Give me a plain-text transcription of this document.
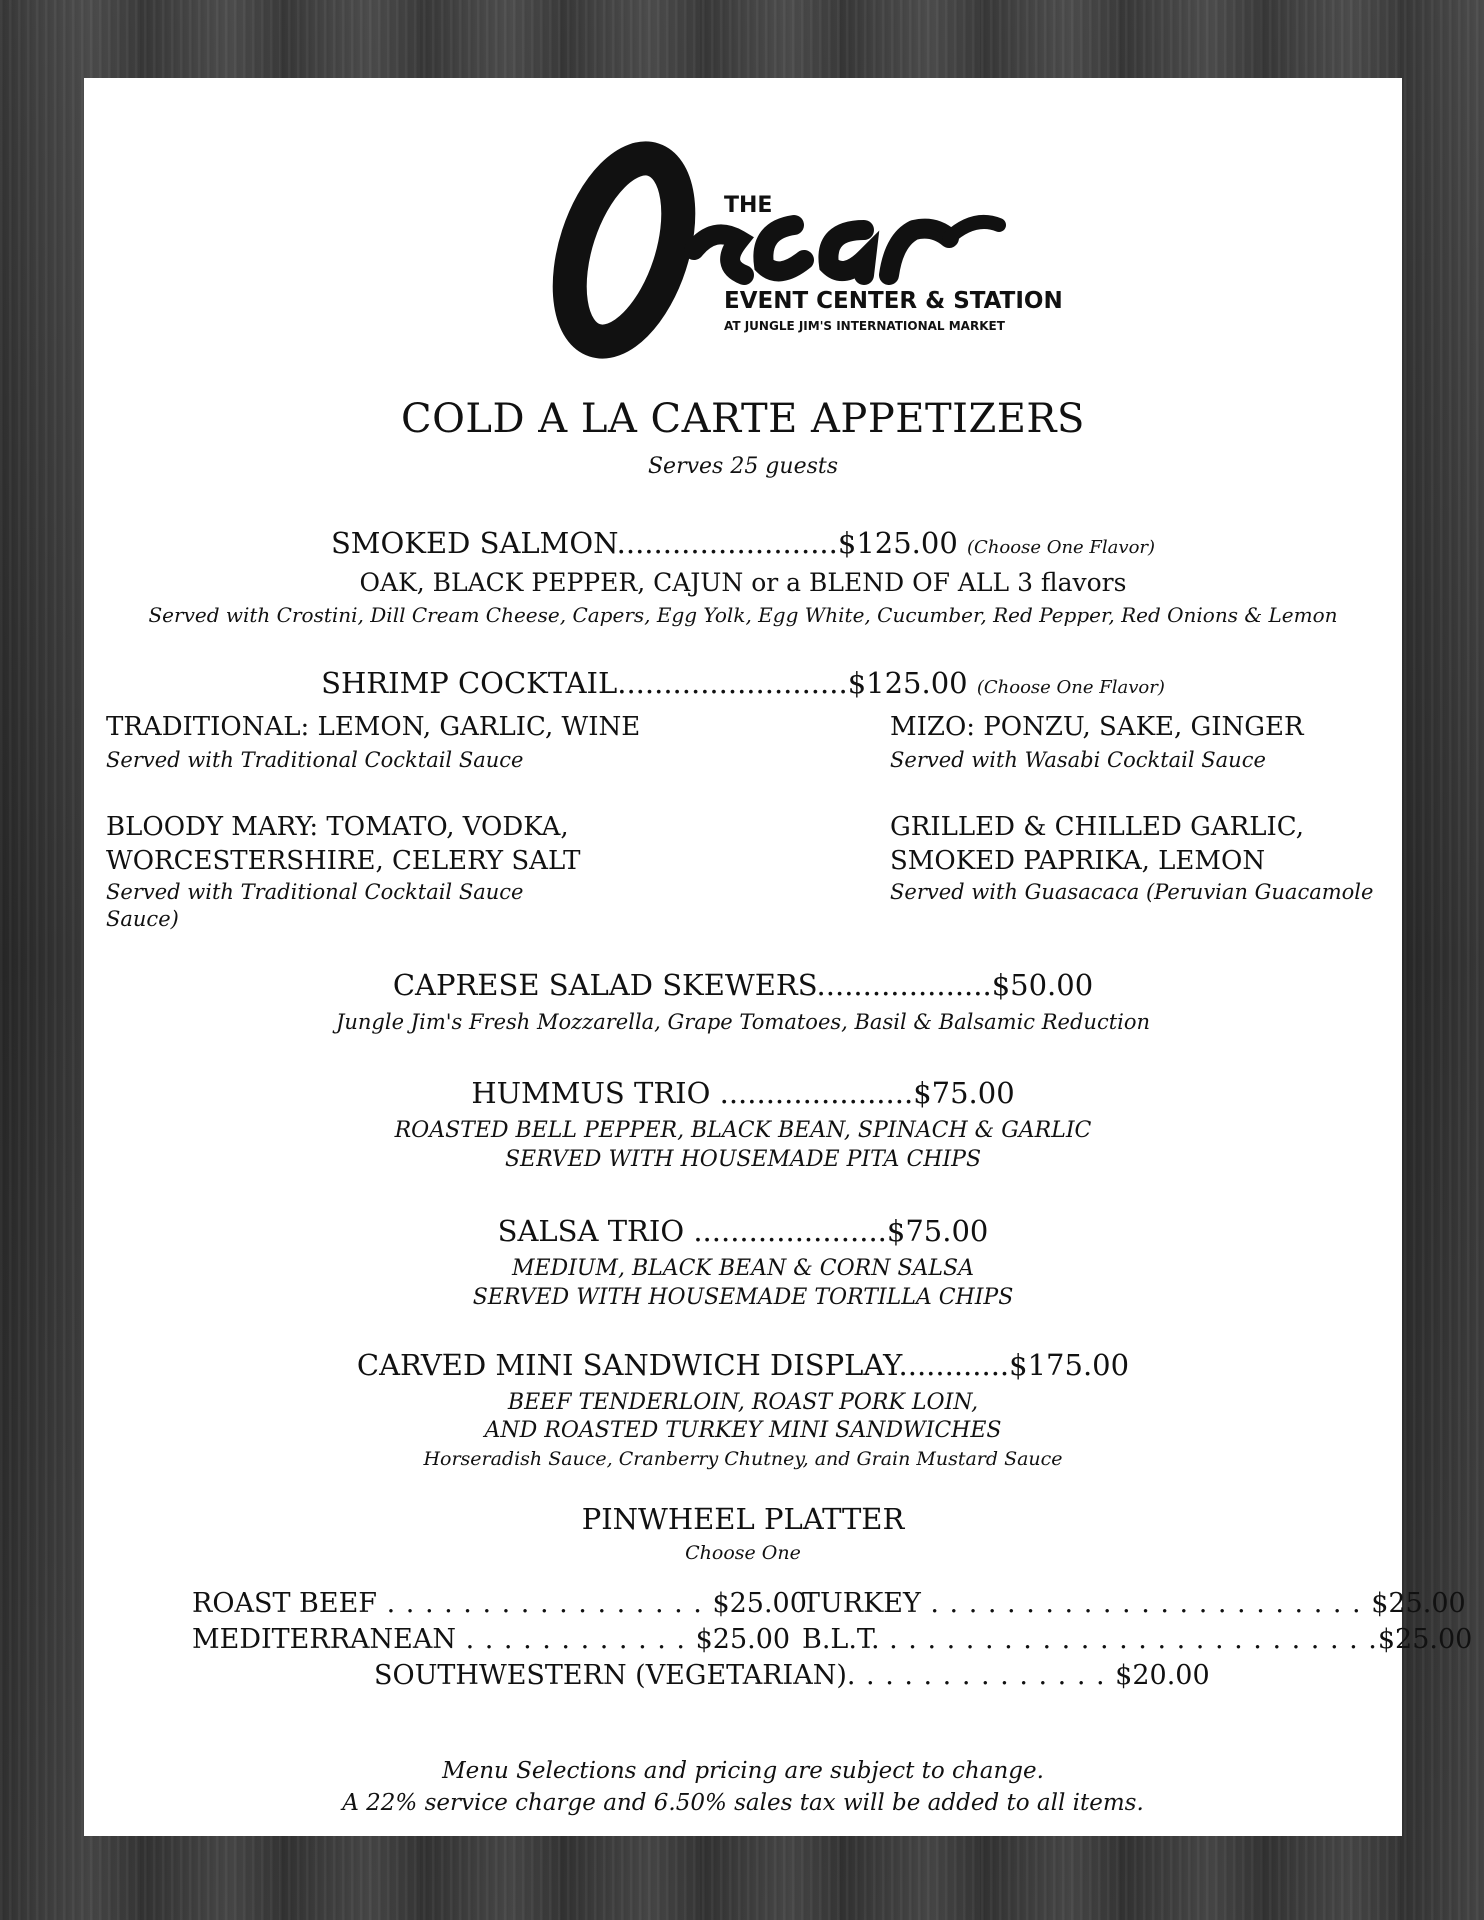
THE
EVENT CENTER & STATION
AT JUNGLE JIM'S INTERNATIONAL MARKET
COLD A LA CARTE APPETIZERS
Serves 25 guests
SMOKED SALMON........................$125.00 (Choose One Flavor)
OAK, BLACK PEPPER, CAJUN or a BLEND OF ALL 3 flavors
Served with Crostini, Dill Cream Cheese, Capers, Egg Yolk, Egg White, Cucumber, Red Pepper, Red Onions & Lemon
SHRIMP COCKTAIL.........................$125.00 (Choose One Flavor)
TRADITIONAL: LEMON, GARLIC, WINE
Served with Traditional Cocktail Sauce
MIZO: PONZU, SAKE, GINGER
Served with Wasabi Cocktail Sauce
BLOODY MARY: TOMATO, VODKA,
WORCESTERSHIRE, CELERY SALT
Served with Traditional Cocktail Sauce
Sauce)
GRILLED & CHILLED GARLIC,
SMOKED PAPRIKA, LEMON
Served with Guasacaca (Peruvian Guacamole
CAPRESE SALAD SKEWERS...................$50.00
Jungle Jim's Fresh Mozzarella, Grape Tomatoes, Basil & Balsamic Reduction
HUMMUS TRIO .....................$75.00
ROASTED BELL PEPPER, BLACK BEAN, SPINACH & GARLIC
SERVED WITH HOUSEMADE PITA CHIPS
SALSA TRIO .....................$75.00
MEDIUM, BLACK BEAN & CORN SALSA
SERVED WITH HOUSEMADE TORTILLA CHIPS
CARVED MINI SANDWICH DISPLAY............$175.00
BEEF TENDERLOIN, ROAST PORK LOIN,
AND ROASTED TURKEY MINI SANDWICHES
Horseradish Sauce, Cranberry Chutney, and Grain Mustard Sauce
PINWHEEL PLATTER
Choose One
ROAST BEEF . . . . . . . . . . . . . . . . . $25.00
TURKEY . . . . . . . . . . . . . . . . . . . . . . . $25.00
MEDITERRANEAN . . . . . . . . . . . . $25.00 B.L.T. . . . . . . . . . . . . . . . . . . . . . . . . . .$25.00
SOUTHWESTERN (VEGETARIAN). . . . . . . . . . . . . . $20.00
Menu Selections and pricing are subject to change.
A 22% service charge and 6.50% sales tax will be added to all items.
